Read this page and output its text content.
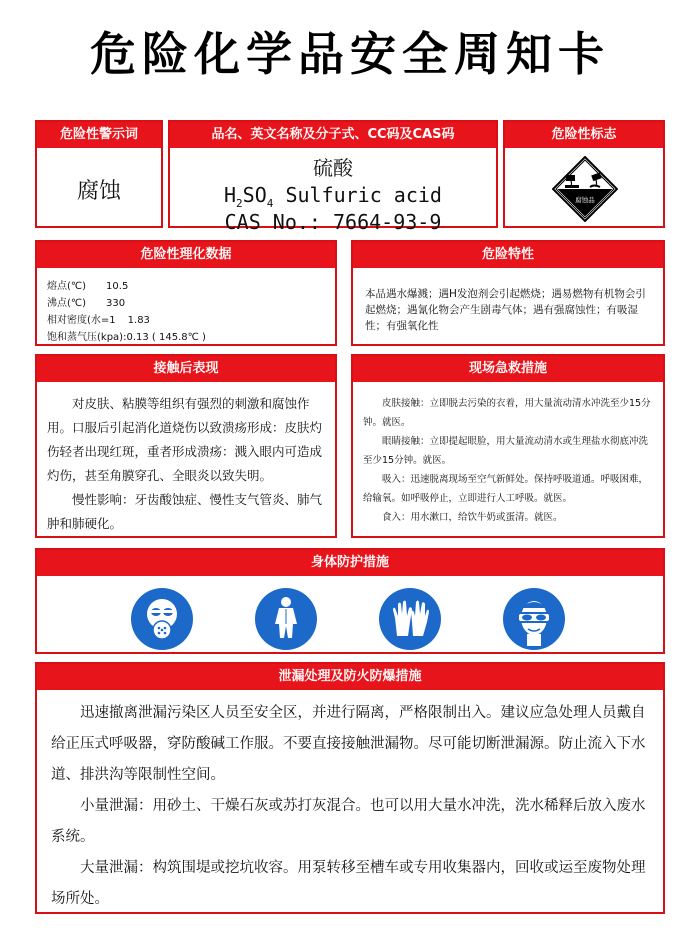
危险化学品安全周知卡
危险性警示词
腐蚀
品名、英文名称及分子式、CC码及CAS码
硫酸
$H_2SO_4$ Sulfuric acid
CAS No.: 7664-93-9
危险性标志
腐蚀品
危险性理化数据
熔点(℃) 10.5
沸点(℃) 330
相对密度(水=1 1.83
饱和蒸气压(kpa):0.13 ( 145.8℃ )
危险特性
本品遇水爆溅；遇H发泡剂会引起燃烧；遇易燃物有机物会引起燃烧；遇氰化物会产生剧毒气体；遇有强腐蚀性；有吸湿性；有强氧化性
接触后表现

对皮肤、粘膜等组织有强烈的刺激和腐蚀作用。口服后引起消化道烧伤以致溃疡形成：皮肤灼伤轻者出现红斑，重者形成溃疡：溅入眼内可造成灼伤，甚至角膜穿孔、全眼炎以致失明。

慢性影响：牙齿酸蚀症、慢性支气管炎、肺气肿和肺硬化。

现场急救措施

皮肤接触：立即脱去污染的衣着，用大量流动清水冲洗至少15分钟。就医。

眼睛接触：立即提起眼脸，用大量流动清水或生理盐水彻底冲洗至少15分钟。就医。

吸入：迅速脱离现场至空气新鲜处。保持呼吸道通。呼吸困难，给输氧。如呼吸停止，立即进行人工呼吸。就医。

食入：用水漱口，给饮牛奶或蛋清。就医。

身体防护措施
泄漏处理及防火防爆措施

迅速撤离泄漏污染区人员至安全区，并进行隔离，严格限制出入。建议应急处理人员戴自给正压式呼吸器，穿防酸碱工作服。不要直接接触泄漏物。尽可能切断泄漏源。防止流入下水道、排洪沟等限制性空间。

小量泄漏：用砂土、干燥石灰或苏打灰混合。也可以用大量水冲洗，洗水稀释后放入废水系统。

大量泄漏：构筑围堤或挖坑收容。用泵转移至槽车或专用收集器内，回收或运至废物处理场所处。
